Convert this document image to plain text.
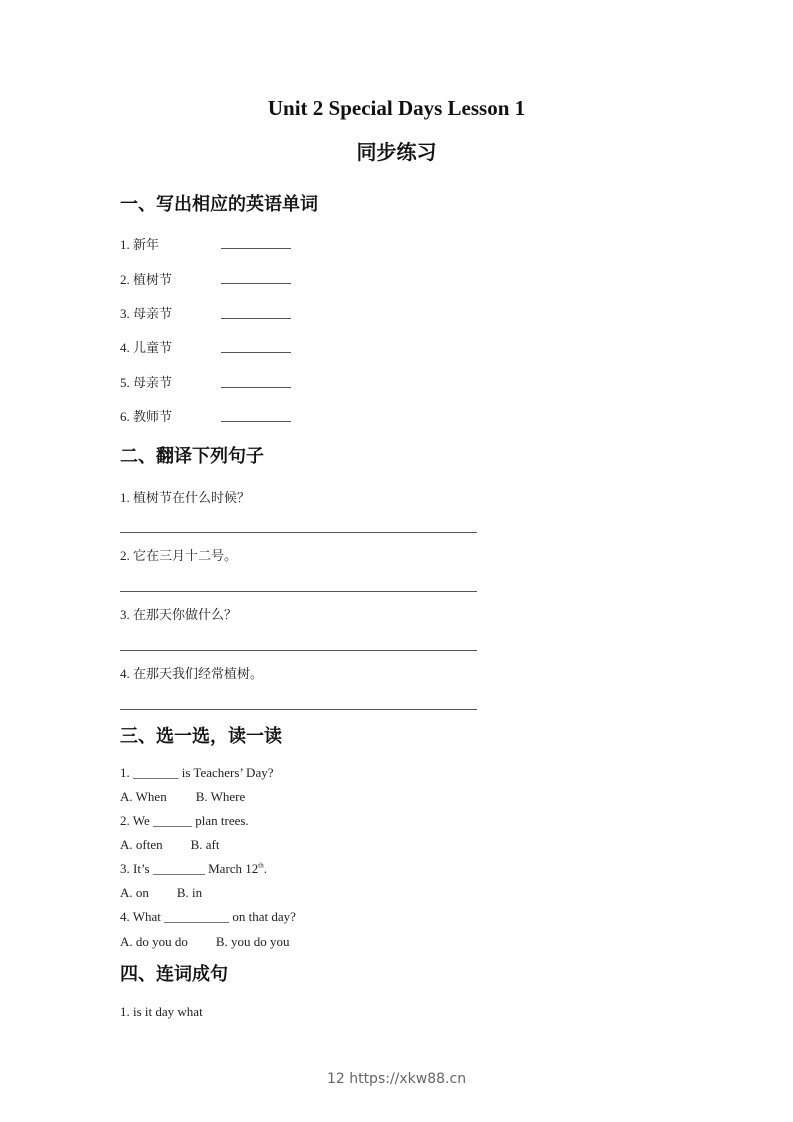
Unit 2 Special Days Lesson 1
同步练习
一、写出相应的英语单词
1. 新年
2. 植树节
3. 母亲节
4. 儿童节
5. 母亲节
6. 教师节
二、翻译下列句子
1. 植树节在什么时候？
2. 它在三月十二号。
3. 在那天你做什么？
4. 在那天我们经常植树。
三、选一选，读一读
1. _______ is Teachers’ Day?
A. When B. Where
2. We ______ plan trees.
A. often B. aft
3. It’s ________ March 12th.
A. on B. in
4. What __________ on that day?
A. do you do B. you do you
四、连词成句
1. is it day what
12 https://xkw88.cn
